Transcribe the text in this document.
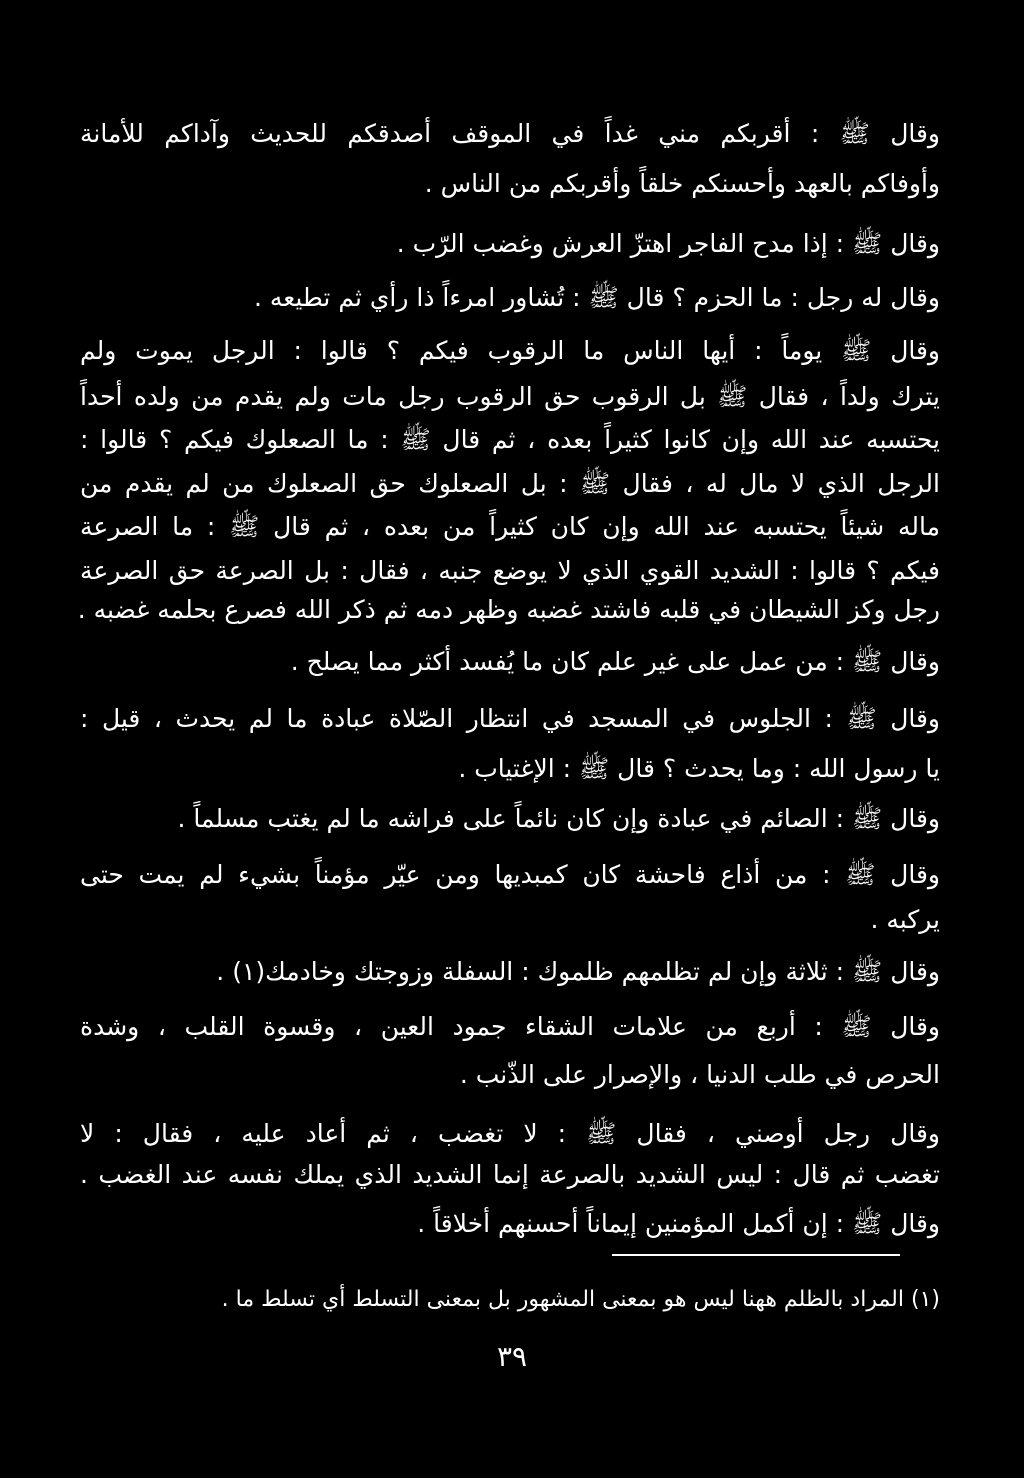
وقال ﷺ : أقربكم مني غداً في الموقف أصدقكم للحديث وآداكم للأمانة
وأوفاكم بالعهد وأحسنكم خلقاً وأقربكم من الناس .
وقال ﷺ : إذا مدح الفاجر اهتزّ العرش وغضب الرّب .
وقال له رجل : ما الحزم ؟ قال ﷺ : تُشاور امرءاً ذا رأي ثم تطيعه .
وقال ﷺ يوماً : أيها الناس ما الرقوب فيكم ؟ قالوا : الرجل يموت ولم
يترك ولداً ، فقال ﷺ بل الرقوب حق الرقوب رجل مات ولم يقدم من ولده أحداً
يحتسبه عند الله وإن كانوا كثيراً بعده ، ثم قال ﷺ : ما الصعلوك فيكم ؟ قالوا :
الرجل الذي لا مال له ، فقال ﷺ : بل الصعلوك حق الصعلوك من لم يقدم من
ماله شيئاً يحتسبه عند الله وإن كان كثيراً من بعده ، ثم قال ﷺ : ما الصرعة
فيكم ؟ قالوا : الشديد القوي الذي لا يوضع جنبه ، فقال : بل الصرعة حق الصرعة
رجل وكز الشيطان في قلبه فاشتد غضبه وظهر دمه ثم ذكر الله فصرع بحلمه غضبه .
وقال ﷺ : من عمل على غير علم كان ما يُفسد أكثر مما يصلح .
وقال ﷺ : الجلوس في المسجد في انتظار الصّلاة عبادة ما لم يحدث ، قيل :
يا رسول الله : وما يحدث ؟ قال ﷺ : الإغتياب .
وقال ﷺ : الصائم في عبادة وإن كان نائماً على فراشه ما لم يغتب مسلماً .
وقال ﷺ : من أذاع فاحشة كان كمبديها ومن عيّر مؤمناً بشيء لم يمت حتى
يركبه .
وقال ﷺ : ثلاثة وإن لم تظلمهم ظلموك : السفلة وزوجتك وخادمك(١) .
وقال ﷺ : أربع من علامات الشقاء جمود العين ، وقسوة القلب ، وشدة
الحرص في طلب الدنيا ، والإصرار على الذّنب .
وقال رجل أوصني ، فقال ﷺ : لا تغضب ، ثم أعاد عليه ، فقال : لا
تغضب ثم قال : ليس الشديد بالصرعة إنما الشديد الذي يملك نفسه عند الغضب .
وقال ﷺ : إن أكمل المؤمنين إيماناً أحسنهم أخلاقاً .
(١) المراد بالظلم ههنا ليس هو بمعنى المشهور بل بمعنى التسلط أي تسلط ما .
٣٩
